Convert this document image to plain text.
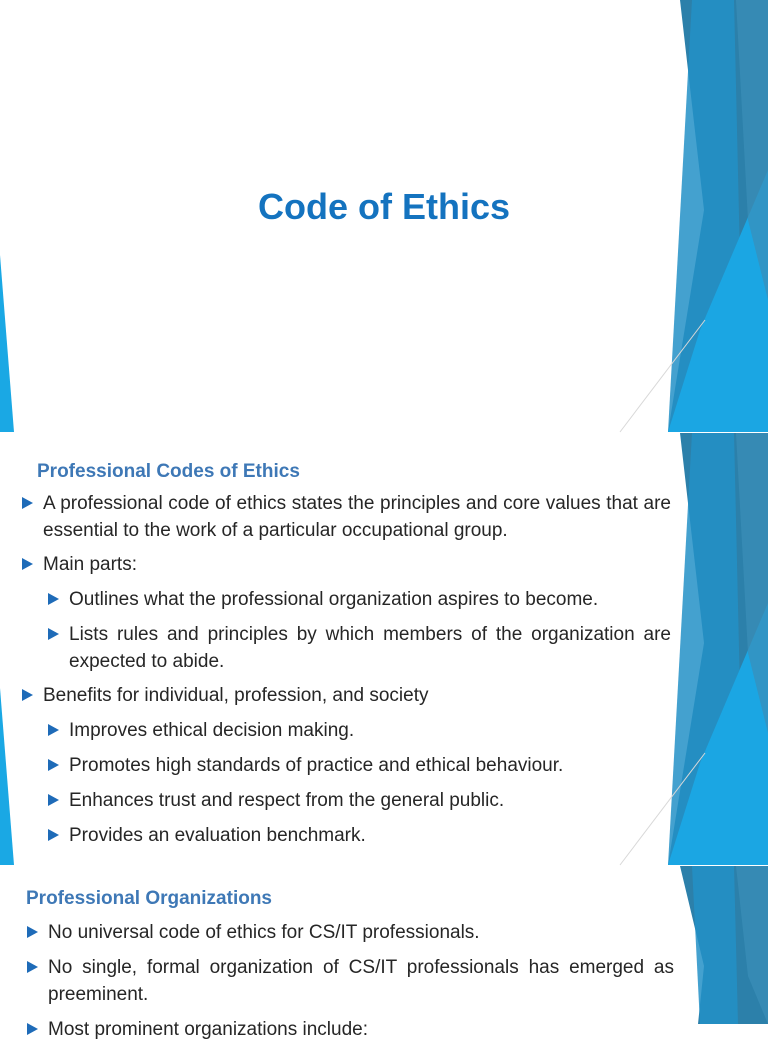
Code of Ethics
Professional Codes of Ethics
A professional code of ethics states the principles and core values that are essential to the work of a particular occupational group.
Main parts:
Outlines what the professional organization aspires to become.
Lists rules and principles by which members of the organization are expected to abide.
Benefits for individual, profession, and society
Improves ethical decision making.
Promotes high standards of practice and ethical behaviour.
Enhances trust and respect from the general public.
Provides an evaluation benchmark.
Professional Organizations
No universal code of ethics for CS/IT professionals.
No single, formal organization of CS/IT professionals has emerged as preeminent.
Most prominent organizations include:
